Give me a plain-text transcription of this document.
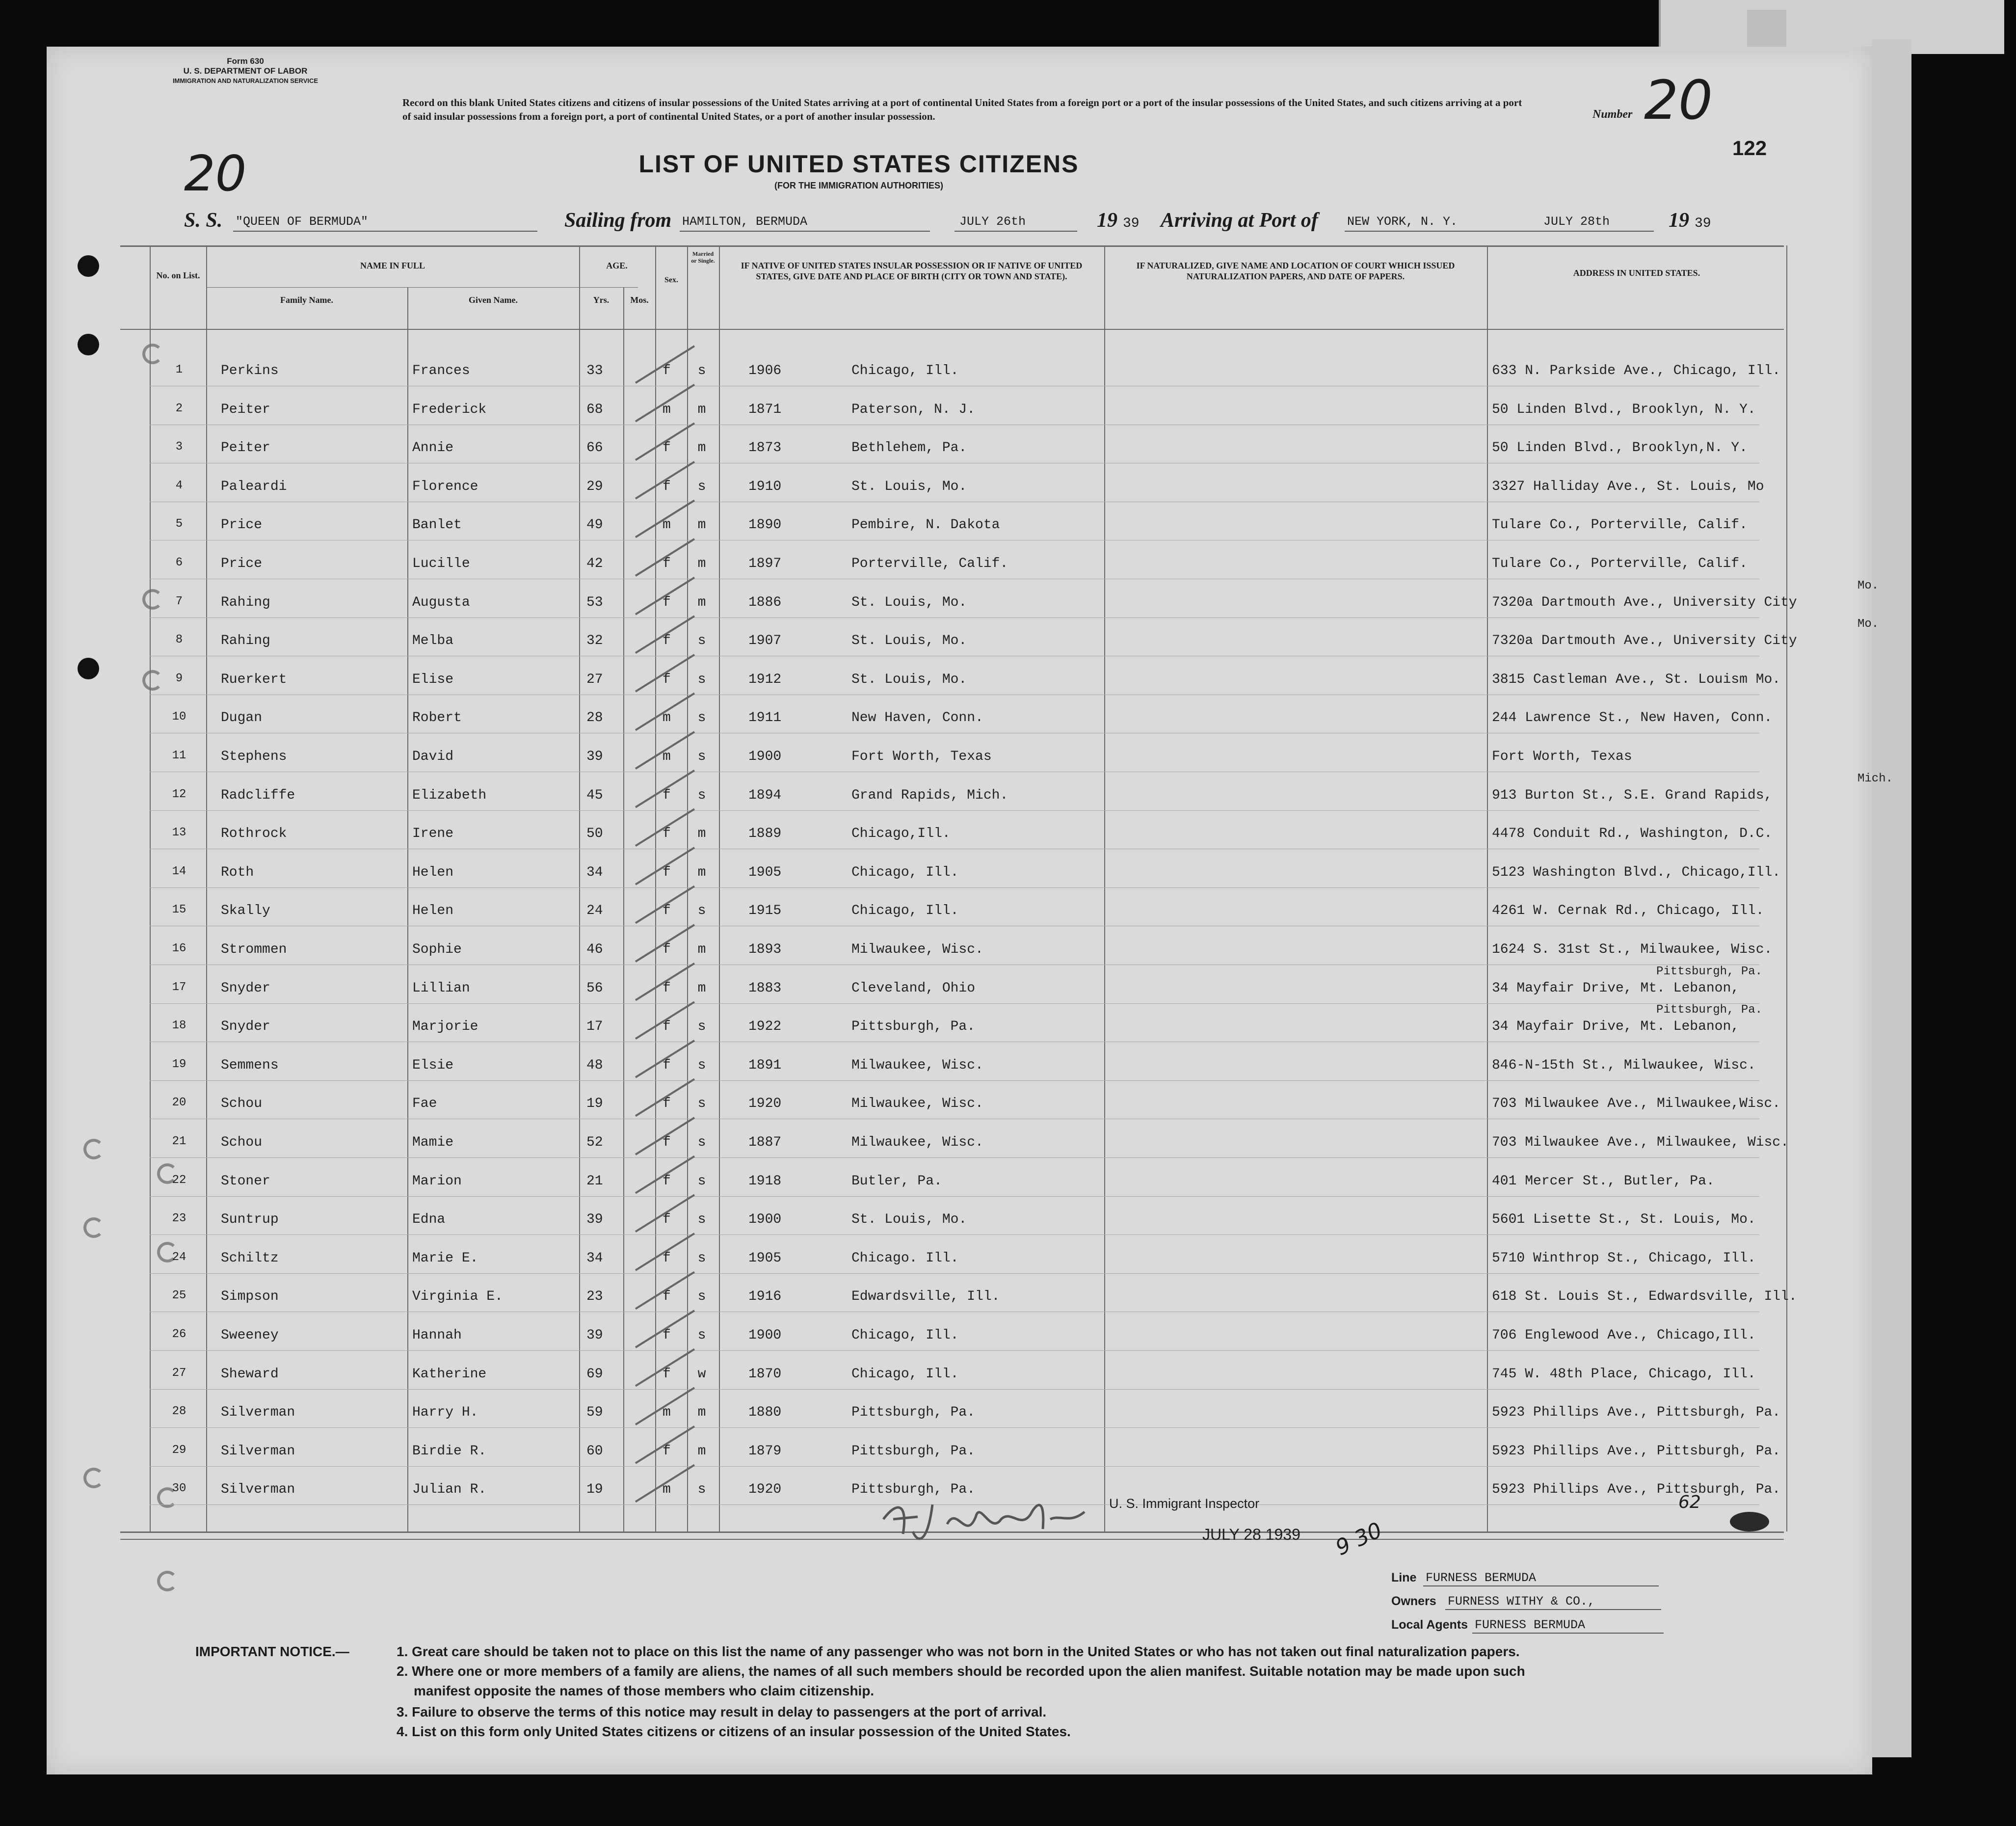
Form 630
U. S. DEPARTMENT OF LABOR
IMMIGRATION AND NATURALIZATION SERVICE
Record on this blank United States citizens and citizens of insular possessions of the United States arriving at a port of continental United States from a foreign port or a port of the insular possessions of the United States, and such citizens arriving at a port of said insular possessions from a foreign port, a port of continental United States, or a port of another insular possession.	Number 20
122
20	LIST OF UNITED STATES CITIZENS
(FOR THE IMMIGRATION AUTHORITIES)
S. S. "QUEEN OF BERMUDA"	Sailing from HAMILTON, BERMUDA	JULY 26th	19 39 Arriving at Port of NEW YORK, N. Y.	JULY 28th	19 39
No. on List.
NAME IN FULL
Family Name.	Given Name.
AGE.
Yrs.	Mos.
Sex.
Married or Single.	IF NATIVE OF UNITED STATES INSULAR POSSESSION OR IF NATIVE OF UNITED STATES, GIVE DATE AND PLACE OF BIRTH (CITY OR TOWN AND STATE).
IF NATURALIZED, GIVE NAME AND LOCATION OF COURT WHICH ISSUED NATURALIZATION PAPERS, AND DATE OF PAPERS.	ADDRESS IN UNITED STATES.
1	Perkins	Frances	33	f s	1906	Chicago, Ill.	633 N. Parkside Ave., Chicago, Ill.
2	Peiter	Frederick	68	m m	1871	Paterson, N. J.	50 Linden Blvd., Brooklyn, N. Y.
3	Peiter	Annie	66	f m	1873	Bethlehem, Pa.	50 Linden Blvd., Brooklyn,N. Y.
4	Paleardi	Florence	29	f s	1910	St. Louis, Mo.	3327 Halliday Ave., St. Louis, Mo
5	Price	Banlet	49	m m	1890	Pembire, N. Dakota	Tulare Co., Porterville, Calif.
6	Price	Lucille	42	f m	1897	Porterville, Calif.	Tulare Co., Porterville, Calif.
7	Rahing	Augusta	53	f m	1886	St. Louis, Mo.	7320a Dartmouth Ave., University City
Mo.
8	Rahing	Melba	32	f s	1907	St. Louis, Mo.	7320a Dartmouth Ave., University City
Mo.
9	Ruerkert	Elise	27	f s	1912	St. Louis, Mo.	3815 Castleman Ave., St. Louism Mo.
10	Dugan	Robert	28	m s	1911	New Haven, Conn.	244 Lawrence St., New Haven, Conn.
11	Stephens	David	39	m s	1900	Fort Worth, Texas	Fort Worth, Texas
12	Radcliffe	Elizabeth	45	f s	1894	Grand Rapids, Mich.	913 Burton St., S.E. Grand Rapids,
Mich.
13	Rothrock	Irene	50	f m	1889	Chicago,Ill.	4478 Conduit Rd., Washington, D.C.
14	Roth	Helen	34	f m	1905	Chicago, Ill.	5123 Washington Blvd., Chicago,Ill.
15	Skally	Helen	24	f s	1915	Chicago, Ill.	4261 W. Cernak Rd., Chicago, Ill.
16	Strommen	Sophie	46	f m	1893	Milwaukee, Wisc.	1624 S. 31st St., Milwaukee, Wisc.
17	Snyder	Lillian	56	f m	1883	Cleveland, Ohio	34 Mayfair Drive, Mt. Lebanon,
Pittsburgh, Pa.
18	Snyder	Marjorie	17	f s	1922	Pittsburgh, Pa.	34 Mayfair Drive, Mt. Lebanon,
Pittsburgh, Pa.
19	Semmens	Elsie	48	f s	1891	Milwaukee, Wisc.	846-N-15th St., Milwaukee, Wisc.
20	Schou	Fae	19	f s	1920	Milwaukee, Wisc.	703 Milwaukee Ave., Milwaukee,Wisc.
21	Schou	Mamie	52	f s	1887	Milwaukee, Wisc.	703 Milwaukee Ave., Milwaukee, Wisc.
22	Stoner	Marion	21	f s	1918	Butler, Pa.	401 Mercer St., Butler, Pa.
23	Suntrup	Edna	39	f s	1900	St. Louis, Mo.	5601 Lisette St., St. Louis, Mo.
24	Schiltz	Marie E.	34	f s	1905	Chicago. Ill.	5710 Winthrop St., Chicago, Ill.
25	Simpson	Virginia E.	23	f s	1916	Edwardsville, Ill.	618 St. Louis St., Edwardsville, Ill.
26	Sweeney	Hannah	39	f s	1900	Chicago, Ill.	706 Englewood Ave., Chicago,Ill.
27	Sheward	Katherine	69	f w	1870	Chicago, Ill.	745 W. 48th Place, Chicago, Ill.
28	Silverman	Harry H.	59	m m	1880	Pittsburgh, Pa.	5923 Phillips Ave., Pittsburgh, Pa.
29	Silverman	Birdie R.	60	f m	1879	Pittsburgh, Pa.	5923 Phillips Ave., Pittsburgh, Pa.
30	Silverman	Julian R.	19	m s	1920	Pittsburgh, Pa.	5923 Phillips Ave., Pittsburgh, Pa.
U. S. Immigrant Inspector
JULY 28 1939 9 30
62
Line FURNESS BERMUDA
Owners FURNESS WITHY & CO.,
Local Agents FURNESS BERMUDA
IMPORTANT NOTICE.—	1. Great care should be taken not to place on this list the name of any passenger who was not born in the United States or who has not taken out final naturalization papers.
2. Where one or more members of a family are aliens, the names of all such members should be recorded upon the alien manifest. Suitable notation may be made upon such
manifest opposite the names of those members who claim citizenship.
3. Failure to observe the terms of this notice may result in delay to passengers at the port of arrival.
4. List on this form only United States citizens or citizens of an insular possession of the United States.
